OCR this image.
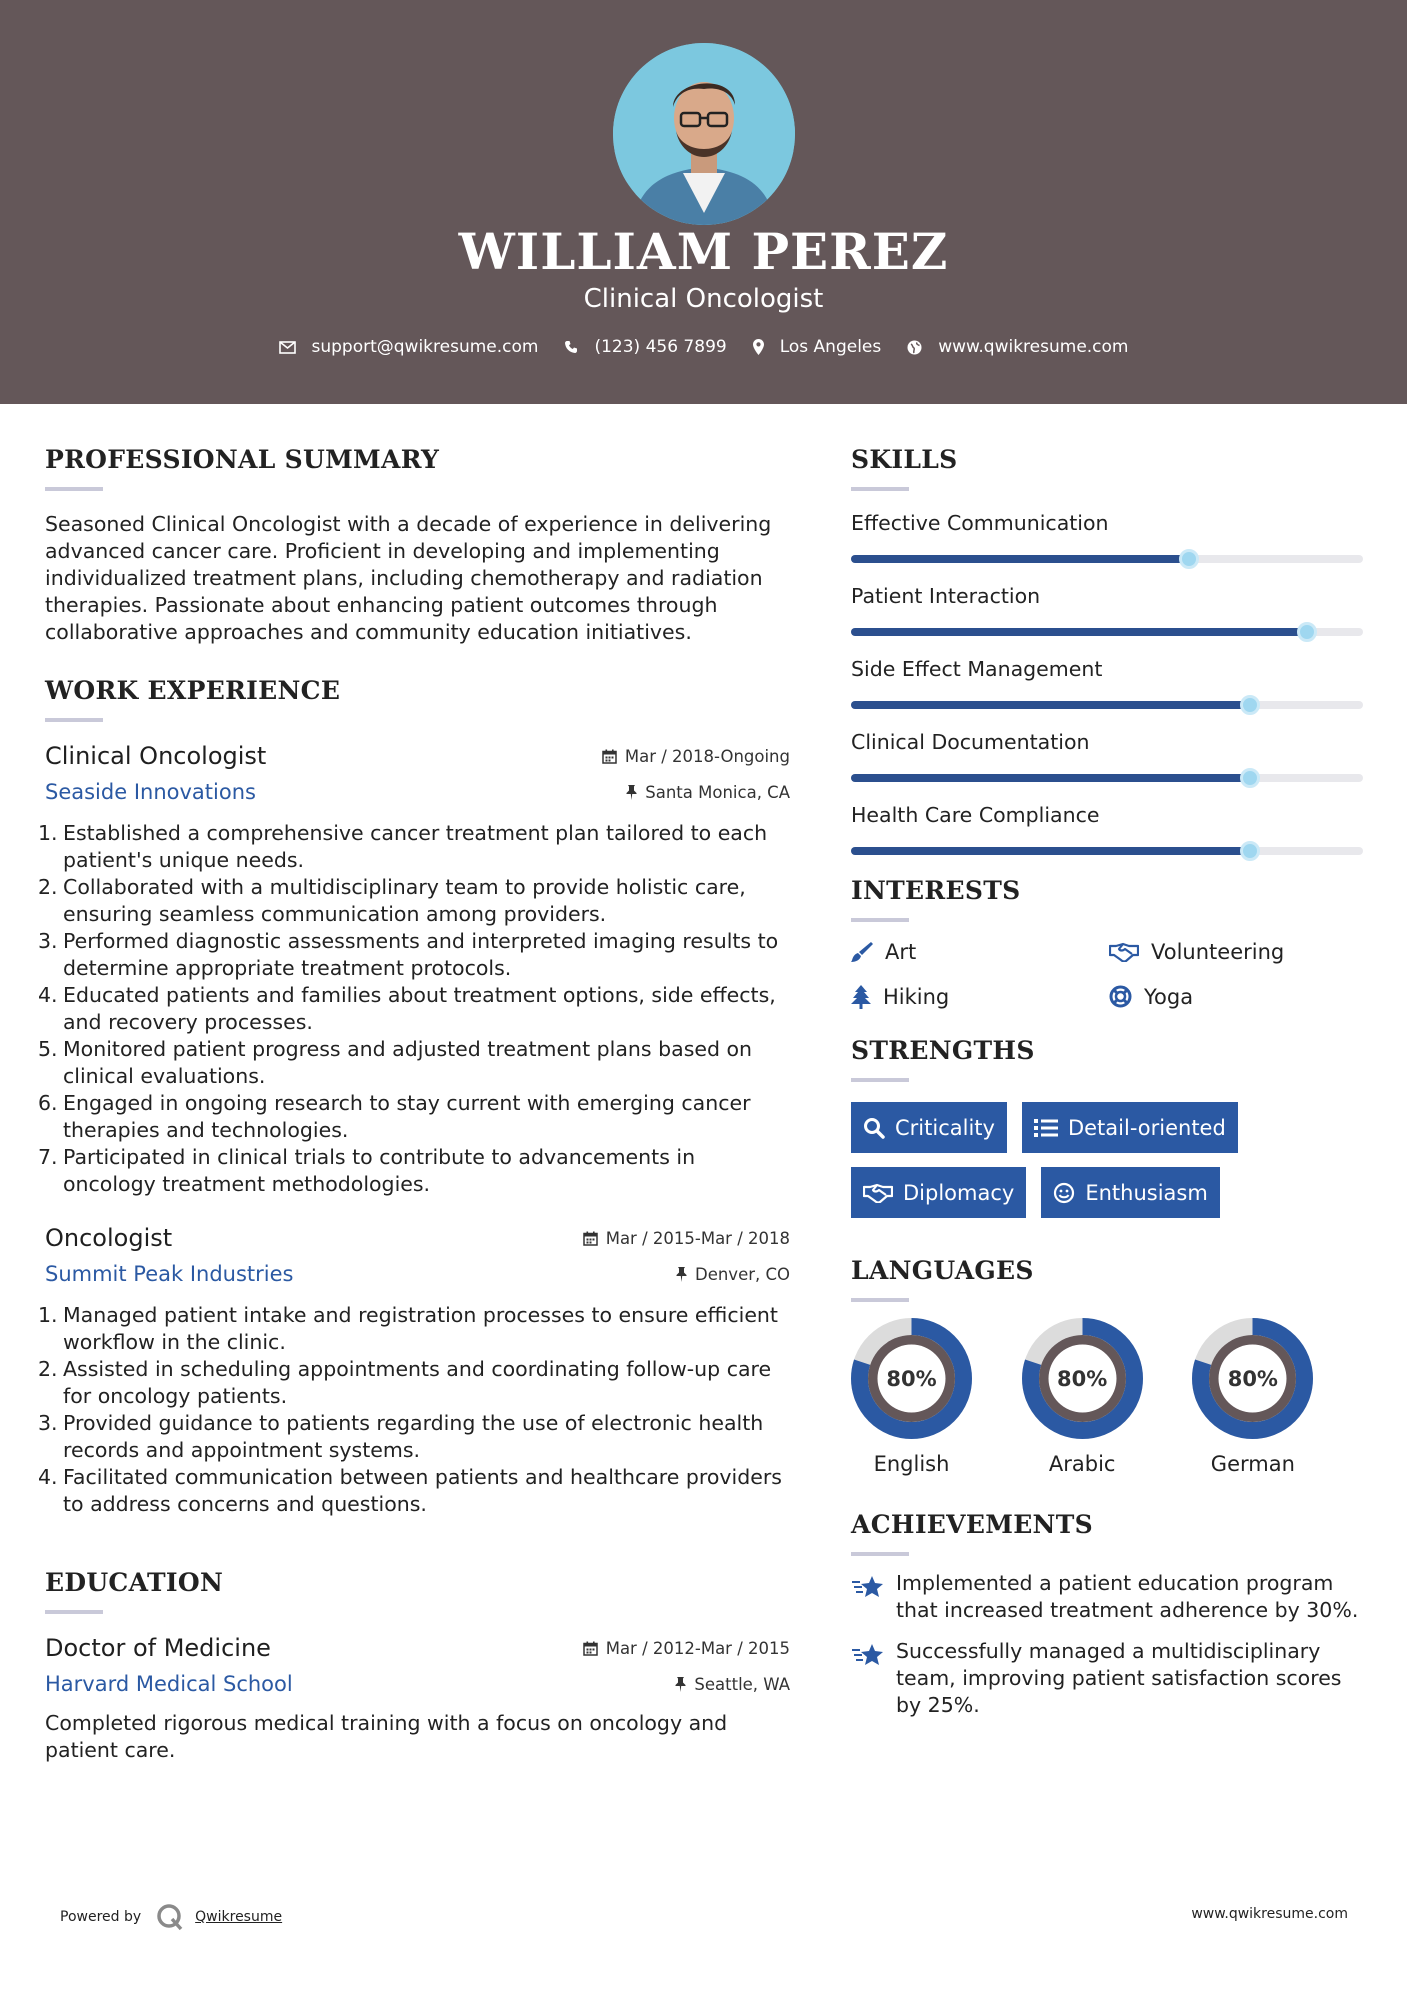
WILLIAM PEREZ
Clinical Oncologist
support@qwikresume.com	(123) 456 7899	Los Angeles	www.qwikresume.com
PROFESSIONAL SUMMARY

Seasoned Clinical Oncologist with a decade of experience in delivering advanced cancer care. Proficient in developing and implementing individualized treatment plans, including chemotherapy and radiation therapies. Passionate about enhancing patient outcomes through collaborative approaches and community education initiatives.

WORK EXPERIENCE
Clinical Oncologist	Mar / 2018-Ongoing
Seaside Innovations	Santa Monica, CA
1. Established a comprehensive cancer treatment plan tailored to each patient's unique needs.
2. Collaborated with a multidisciplinary team to provide holistic care, ensuring seamless communication among providers.
3. Performed diagnostic assessments and interpreted imaging results to determine appropriate treatment protocols.
4. Educated patients and families about treatment options, side effects, and recovery processes.
5. Monitored patient progress and adjusted treatment plans based on clinical evaluations.
6. Engaged in ongoing research to stay current with emerging cancer therapies and technologies.
7. Participated in clinical trials to contribute to advancements in oncology treatment methodologies.
Oncologist	Mar / 2015-Mar / 2018
Summit Peak Industries	Denver, CO
1. Managed patient intake and registration processes to ensure efficient workflow in the clinic.
2. Assisted in scheduling appointments and coordinating follow-up care for oncology patients.
3. Provided guidance to patients regarding the use of electronic health records and appointment systems.
4. Facilitated communication between patients and healthcare providers to address concerns and questions.
EDUCATION
Doctor of Medicine	Mar / 2012-Mar / 2015
Harvard Medical School	Seattle, WA

Completed rigorous medical training with a focus on oncology and patient care.

SKILLS
Effective Communication
Patient Interaction
Side Effect Management
Clinical Documentation
Health Care Compliance
INTERESTS
Art	Volunteering
Hiking	Yoga
STRENGTHS
Criticality	Detail-oriented
Diplomacy	Enthusiasm
LANGUAGES
80%
English
80%
Arabic
80%
German
ACHIEVEMENTS
Implemented a patient education program that increased treatment adherence by 30%.
Successfully managed a multidisciplinary team, improving patient satisfaction scores by 25%.
Powered by	Qwikresume	www.qwikresume.com
